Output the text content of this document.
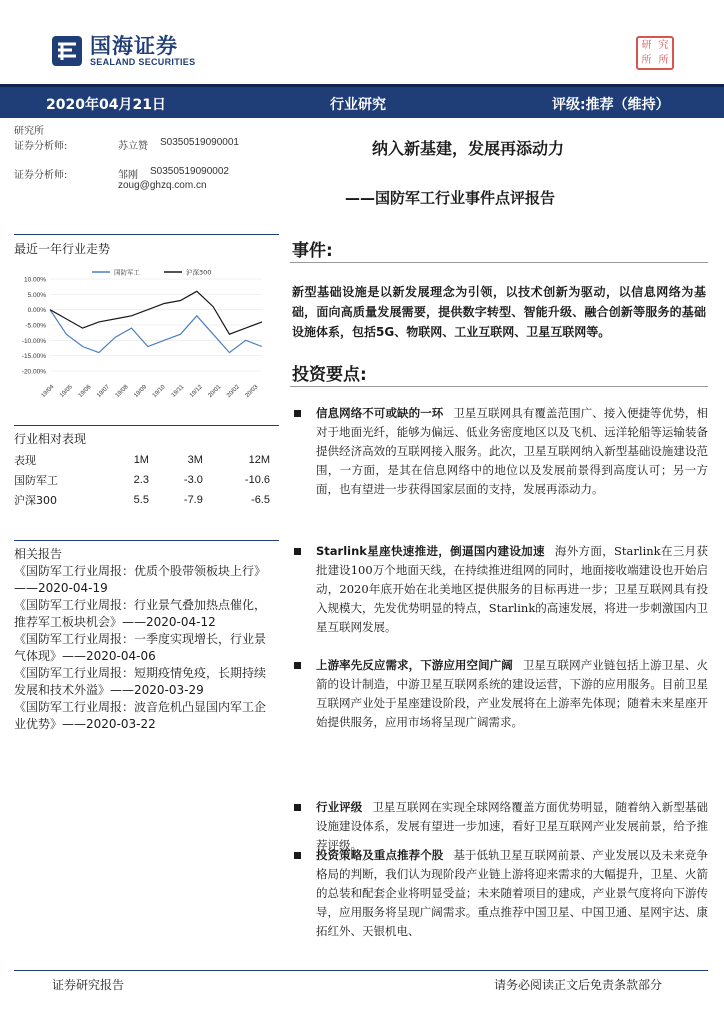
国海证券
SEALAND SECURITIES
研 究
所 所
2020年04月21日	行业研究	评级:推荐（维持）
研究所
证券分析师:	苏立赞 S0350519090001
证券分析师:	邹刚 S0350519090002
zoug@ghzq.com.cn
纳入新基建，发展再添动力
——国防军工行业事件点评报告
最近一年行业走势
10.00%
5.00%
0.00%
-5.00%
-10.00%
-15.00%
-20.00%
19/04 19/05 19/06 19/07 19/08 19/09 19/10 19/11 19/12 20/01 20/02 20/03
国防军工	沪深300
行业相对表现
表现	1M	3M	12M
国防军工	2.3	-3.0	-10.6
沪深300	5.5	-7.9	-6.5
相关报告

《国防军工行业周报：优质个股带领板块上行》——2020-04-19

《国防军工行业周报：行业景气叠加热点催化，推荐军工板块机会》——2020-04-12

《国防军工行业周报：一季度实现增长，行业景气体现》——2020-04-06

《国防军工行业周报：短期疫情免疫，长期持续发展和技术外溢》——2020-03-29

《国防军工行业周报：波音危机凸显国内军工企业优势》——2020-03-22

事件:
新型基础设施是以新发展理念为引领，以技术创新为驱动，以信息网络为基础，面向高质量发展需要，提供数字转型、智能升级、融合创新等服务的基础设施体系，包括5G、物联网、工业互联网、卫星互联网等。
投资要点:
信息网络不可或缺的一环 卫星互联网具有覆盖范围广、接入便捷等优势，相对于地面光纤，能够为偏远、低业务密度地区以及飞机、远洋轮船等运输装备提供经济高效的互联网接入服务。此次，卫星互联网纳入新型基础设施建设范围，一方面，是其在信息网络中的地位以及发展前景得到高度认可；另一方面，也有望进一步获得国家层面的支持，发展再添动力。
Starlink星座快速推进，倒逼国内建设加速 海外方面，Starlink在三月获批建设100万个地面天线，在持续推进组网的同时，地面接收端建设也开始启动，2020年底开始在北美地区提供服务的目标再进一步；卫星互联网具有投入规模大，先发优势明显的特点，Starlink的高速发展，将进一步刺激国内卫星互联网发展。
上游率先反应需求，下游应用空间广阔 卫星互联网产业链包括上游卫星、火箭的设计制造，中游卫星互联网系统的建设运营，下游的应用服务。目前卫星互联网产业处于星座建设阶段，产业发展将在上游率先体现；随着未来星座开始提供服务，应用市场将呈现广阔需求。
行业评级 卫星互联网在实现全球网络覆盖方面优势明显，随着纳入新型基础设施建设体系，发展有望进一步加速，看好卫星互联网产业发展前景，给予推荐评级。
投资策略及重点推荐个股 基于低轨卫星互联网前景、产业发展以及未来竞争格局的判断，我们认为现阶段产业链上游将迎来需求的大幅提升，卫星、火箭的总装和配套企业将明显受益；未来随着项目的建成，产业景气度将向下游传导，应用服务将呈现广阔需求。重点推荐中国卫星、中国卫通、星网宇达、康拓红外、天银机电、
证券研究报告	请务必阅读正文后免责条款部分
